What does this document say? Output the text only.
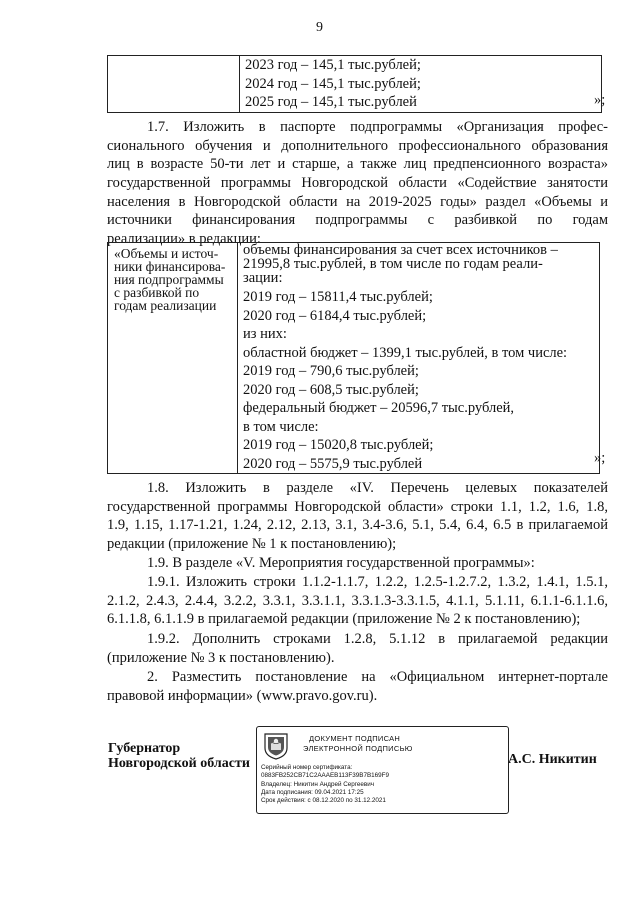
9

2023 год – 145,1 тыс.рублей;
2024 год – 145,1 тыс.рублей;
2025 год – 145,1 тыс.рублей	»;
1.7. Изложить в паспорте подпрограммы «Организация профес-
сионального обучения и дополнительного профессионального образования
лиц в возрасте 50-ти лет и старше, а также лиц предпенсионного возраста»
государственной программы Новгородской области «Содействие занятости
населения в Новгородской области на 2019-2025 годы» раздел «Объемы и
источники финансирования подпрограммы с разбивкой по годам
реализации» в редакции:
«Объемы и источ-
ники финансирова-
ния подпрограммы
с разбивкой по
годам реализации

объемы финансирования за счет всех источников –
21995,8 тыс.рублей, в том числе по годам реали-
зации:
2019 год – 15811,4 тыс.рублей;
2020 год – 6184,4 тыс.рублей;
из них:
областной бюджет – 1399,1 тыс.рублей, в том числе:
2019 год – 790,6 тыс.рублей;
2020 год – 608,5 тыс.рублей;
федеральный бюджет – 20596,7 тыс.рублей,
в том числе:
2019 год – 15020,8 тыс.рублей;
2020 год – 5575,9 тыс.рублей	»;
1.8. Изложить в разделе «IV. Перечень целевых показателей
государственной программы Новгородской области» строки 1.1, 1.2, 1.6, 1.8,
1.9, 1.15, 1.17-1.21, 1.24, 2.12, 2.13, 3.1, 3.4-3.6, 5.1, 5.4, 6.4, 6.5 в прилагаемой
редакции (приложение № 1 к постановлению);
1.9. В разделе «V. Мероприятия государственной программы»:
1.9.1. Изложить строки 1.1.2-1.1.7, 1.2.2, 1.2.5-1.2.7.2, 1.3.2, 1.4.1, 1.5.1,
2.1.2, 2.4.3, 2.4.4, 3.2.2, 3.3.1, 3.3.1.1, 3.3.1.3-3.3.1.5, 4.1.1, 5.1.11, 6.1.1-6.1.1.6,
6.1.1.8, 6.1.1.9 в прилагаемой редакции (приложение № 2 к постановлению);
1.9.2. Дополнить строками 1.2.8, 5.1.12 в прилагаемой редакции
(приложение № 3 к постановлению).
2. Разместить постановление на «Официальном интернет-портале
правовой информации» (www.pravo.gov.ru).
Губернатор
Новгородской области
ДОКУМЕНТ ПОДПИСАН
ЭЛЕКТРОННОЙ ПОДПИСЬЮ
Серийный номер сертификата:
0883FB252CB71C2AAAEB113F39B7B169F9
Владелец: Никитин Андрей Сергеевич
Дата подписания: 09.04.2021 17:25
Срок действия: с 08.12.2020 по 31.12.2021
А.С. Никитин
